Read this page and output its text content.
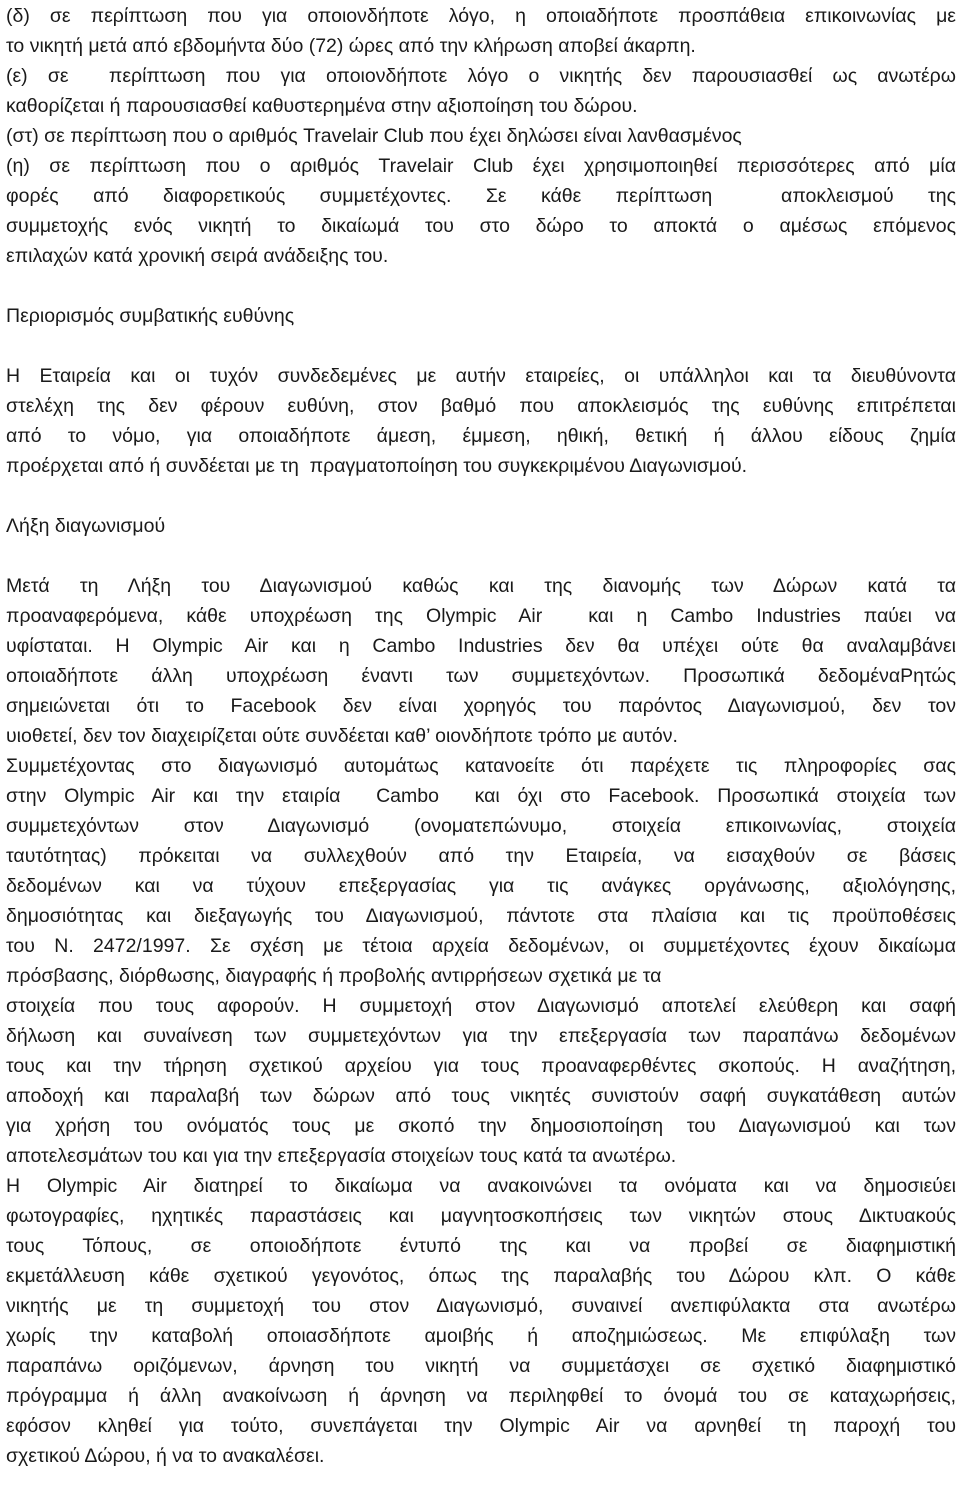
(δ) σε περίπτωση που για οποιονδήποτε λόγο, η οποιαδήποτε προσπάθεια επικοινωνίας με
το νικητή μετά από εβδομήντα δύο (72) ώρες από την κλήρωση αποβεί άκαρπη.
(ε) σε  περίπτωση που για οποιονδήποτε λόγο ο νικητής δεν παρουσιασθεί ως ανωτέρω
καθορίζεται ή παρουσιασθεί καθυστερημένα στην αξιοποίηση του δώρου.
(στ) σε περίπτωση που ο αριθμός Travelair Club που έχει δηλώσει είναι λανθασμένος
(η) σε περίπτωση που ο αριθμός Travelair Club έχει χρησιμοποιηθεί περισσότερες από μία
φορές από διαφορετικούς συμμετέχοντες. Σε κάθε περίπτωση  αποκλεισμού της
συμμετοχής ενός νικητή το δικαίωμά του στο δώρο το αποκτά ο αμέσως επόμενος
επιλαχών κατά χρονική σειρά ανάδειξης του.
Περιορισμός συμβατικής ευθύνης
Η Εταιρεία και οι τυχόν συνδεδεμένες με αυτήν εταιρείες, οι υπάλληλοι και τα διευθύνοντα
στελέχη της δεν φέρουν ευθύνη, στον βαθμό που αποκλεισμός της ευθύνης επιτρέπεται
από το νόμο, για οποιαδήποτε άμεση, έμμεση, ηθική, θετική ή άλλου είδους ζημία
προέρχεται από ή συνδέεται με τη  πραγματοποίηση του συγκεκριμένου Διαγωνισμού.
Λήξη διαγωνισμού
Μετά τη Λήξη του Διαγωνισμού καθώς και της διανομής των Δώρων κατά τα
προαναφερόμενα, κάθε υποχρέωση της Olympic Air  και η Cambo Industries παύει να
υφίσταται. Η Olympic Air και η Cambo Industries δεν θα υπέχει ούτε θα αναλαμβάνει
οποιαδήποτε άλλη υποχρέωση έναντι των συμμετεχόντων. Προσωπικά δεδομέναΡητώς
σημειώνεται ότι το Facebook δεν είναι χορηγός του παρόντος Διαγωνισμού, δεν τον
υιοθετεί, δεν τον διαχειρίζεται ούτε συνδέεται καθ’ οιονδήποτε τρόπο με αυτόν.
Συμμετέχοντας στο διαγωνισμό αυτομάτως κατανοείτε ότι παρέχετε τις πληροφορίες σας
στην Olympic Air και την εταιρία  Cambo  και όχι στο Facebook. Προσωπικά στοιχεία των
συμμετεχόντων στον Διαγωνισμό (ονοματεπώνυμο, στοιχεία επικοινωνίας, στοιχεία
ταυτότητας) πρόκειται να συλλεχθούν από την Εταιρεία, να εισαχθούν σε βάσεις
δεδομένων και να τύχουν επεξεργασίας για τις ανάγκες οργάνωσης, αξιολόγησης,
δημοσιότητας και διεξαγωγής του Διαγωνισμού, πάντοτε στα πλαίσια και τις προϋποθέσεις
του Ν. 2472/1997. Σε σχέση με τέτοια αρχεία δεδομένων, οι συμμετέχοντες έχουν δικαίωμα
πρόσβασης, διόρθωσης, διαγραφής ή προβολής αντιρρήσεων σχετικά με τα
στοιχεία που τους αφορούν. Η συμμετοχή στον Διαγωνισμό αποτελεί ελεύθερη και σαφή
δήλωση και συναίνεση των συμμετεχόντων για την επεξεργασία των παραπάνω δεδομένων
τους και την τήρηση σχετικού αρχείου για τους προαναφερθέντες σκοπούς. Η αναζήτηση,
αποδοχή και παραλαβή των δώρων από τους νικητές συνιστούν σαφή συγκατάθεση αυτών
για χρήση του ονόματός τους με σκοπό την δημοσιοποίηση του Διαγωνισμού και των
αποτελεσμάτων του και για την επεξεργασία στοιχείων τους κατά τα ανωτέρω.
Η Olympic Air διατηρεί το δικαίωμα να ανακοινώνει τα ονόματα και να δημοσιεύει
φωτογραφίες, ηχητικές παραστάσεις και μαγνητοσκοπήσεις των νικητών στους Δικτυακούς
τους Τόπους, σε οποιοδήποτε έντυπό της και να προβεί σε διαφημιστική
εκμετάλλευση κάθε σχετικού γεγονότος, όπως της παραλαβής του Δώρου κλπ. Ο κάθε
νικητής με τη συμμετοχή του στον Διαγωνισμό, συναινεί ανεπιφύλακτα στα ανωτέρω
χωρίς την καταβολή οποιασδήποτε αμοιβής ή αποζημιώσεως. Με επιφύλαξη των
παραπάνω οριζόμενων, άρνηση του νικητή να συμμετάσχει σε σχετικό διαφημιστικό
πρόγραμμα ή άλλη ανακοίνωση ή άρνηση να περιληφθεί το όνομά του σε καταχωρήσεις,
εφόσον κληθεί για τούτο, συνεπάγεται την Olympic Air να αρνηθεί τη παροχή του
σχετικού Δώρου, ή να το ανακαλέσει.
